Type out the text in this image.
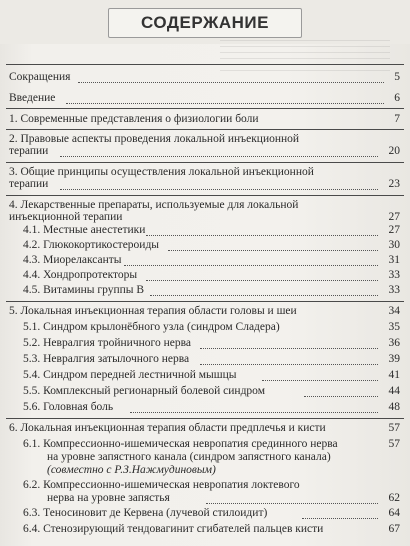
СОДЕРЖАНИЕ
Сокращения	5
Введение	6
1. Современные представления о физиологии боли	7
2. Правовые аспекты проведения локальной инъекционной
терапии	20
3. Общие принципы осуществления локальной инъекционной
терапии	23
4. Лекарственные препараты, используемые для локальной
инъекционной терапии	27
4.1. Местные анестетики	27
4.2. Глюкокортикостероиды	30
4.3. Миорелаксанты	31
4.4. Хондропротекторы	33
4.5. Витамины группы B	33
5. Локальная инъекционная терапия области головы и шеи	34
5.1. Синдром крылонёбного узла (синдром Сладера)	35
5.2. Невралгия тройничного нерва	36
5.3. Невралгия затылочного нерва	39
5.4. Синдром передней лестничной мышцы	41
5.5. Комплексный регионарный болевой синдром	44
5.6. Головная боль	48
6. Локальная инъекционная терапия области предплечья и кисти	57
6.1. Компрессионно-ишемическая невропатия срединного нерва	57
на уровне запястного канала (синдром запястного канала)
(совместно с Р.З.Нажмудиновым)
6.2. Компрессионно-ишемическая невропатия локтевого
нерва на уровне запястья	62
6.3. Теносиновит де Кервена (лучевой стилоидит)	64
6.4. Стенозирующий тендовагинит сгибателей пальцев кисти	67
